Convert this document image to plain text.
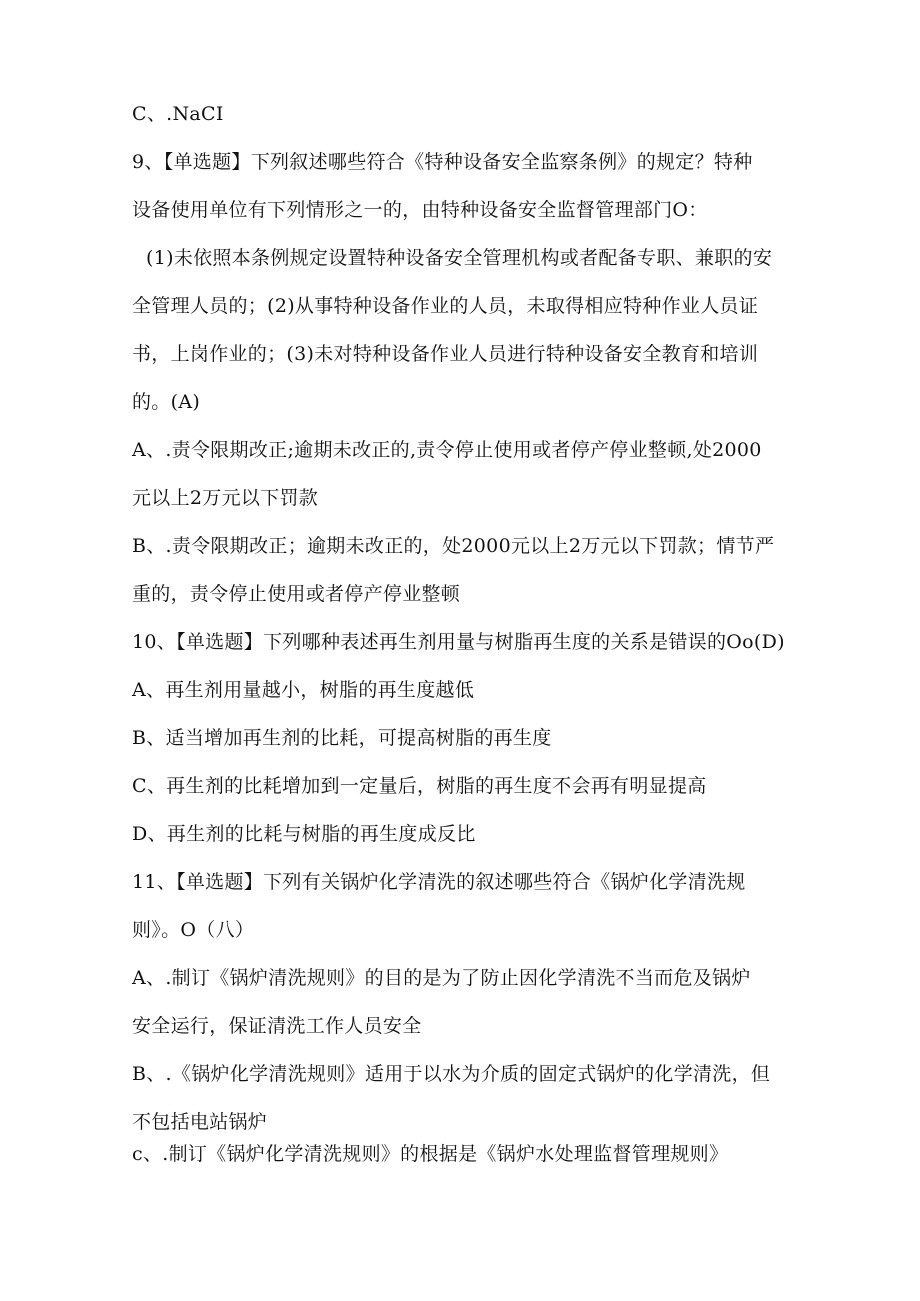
C、.NaCI
9、【单选题】下列叙述哪些符合《特种设备安全监察条例》的规定？特种
设备使用单位有下列情形之一的，由特种设备安全监督管理部门O：
(1)未依照本条例规定设置特种设备安全管理机构或者配备专职、兼职的安
全管理人员的；(2)从事特种设备作业的人员，未取得相应特种作业人员证
书，上岗作业的；(3)未对特种设备作业人员进行特种设备安全教育和培训
的。(A)
A、.责令限期改正;逾期未改正的,责令停止使用或者停产停业整顿,处2000
元以上2万元以下罚款
B、.责令限期改正；逾期未改正的，处2000元以上2万元以下罚款；情节严
重的，责令停止使用或者停产停业整顿
10、【单选题】下列哪种表述再生剂用量与树脂再生度的关系是错误的Oo(D)
A、再生剂用量越小，树脂的再生度越低
B、适当增加再生剂的比耗，可提高树脂的再生度
C、再生剂的比耗增加到一定量后，树脂的再生度不会再有明显提高
D、再生剂的比耗与树脂的再生度成反比
11、【单选题】下列有关锅炉化学清洗的叙述哪些符合《锅炉化学清洗规
则》。O（八）
A、.制订《锅炉清洗规则》的目的是为了防止因化学清洗不当而危及锅炉
安全运行，保证清洗工作人员安全
B、.《锅炉化学清洗规则》适用于以水为介质的固定式锅炉的化学清洗，但
不包括电站锅炉
c、.制订《锅炉化学清洗规则》的根据是《锅炉水处理监督管理规则》
